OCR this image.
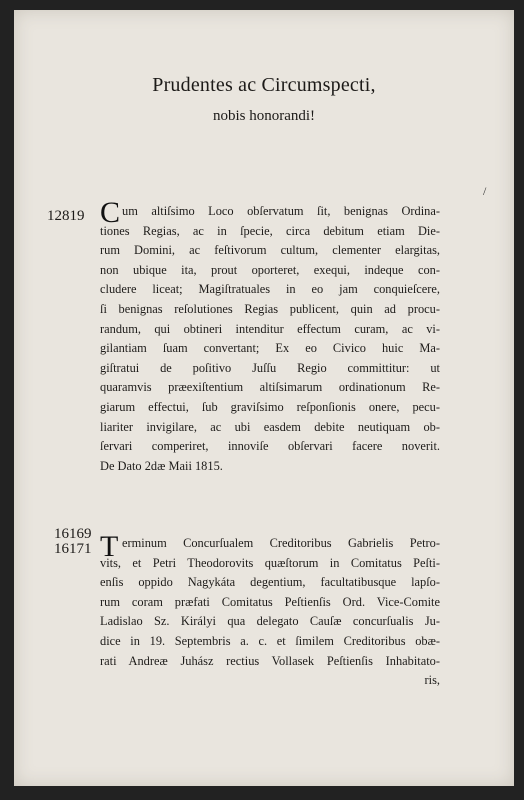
Prudentes ac Circumspecti,
nobis honorandi!
/
12819 C um altiſsimo Loco obſervatum ſit, benignas Ordina-
tiones Regias, ac in ſpecie, circa debitum etiam Die-
rum Domini, ac feſtivorum cultum, clementer elargitas,
non ubique ita, prout oporteret, exequi, indeque con-
cludere liceat; Magiſtratuales in eo jam conquieſcere,
ſi benignas reſolutiones Regias publicent, quin ad procu-
randum, qui obtineri intenditur effectum curam, ac vi-
gilantiam ſuam convertant; Ex eo Civico huic Ma-
giſtratui de poſitivo Juſſu Regio committitur: ut
quaramvis præexiſtentium altiſsimarum ordinationum Re-
giarum effectui, ſub graviſsimo reſponſionis onere, pecu-
liariter invigilare, ac ubi easdem debite neutiquam ob-
ſervari comperiret, innoviſe obſervari facere noverit.
De Dato 2dæ Maii 1815.
16169
16171 T erminum Concurſualem Creditoribus Gabrielis Petro-
vits, et Petri Theodorovits quæſtorum in Comitatus Peſti-
enſis oppido Nagykáta degentium, facultatibusque lapſo-
rum coram præfati Comitatus Peſtienſis Ord. Vice-Comite
Ladislao Sz. Királyi qua delegato Cauſæ concurſualis Ju-
dice in 19. Septembris a. c. et ſimilem Creditoribus obæ-
rati Andreæ Juhász rectius Vollasek Peſtienſis Inhabitato-
ris,
